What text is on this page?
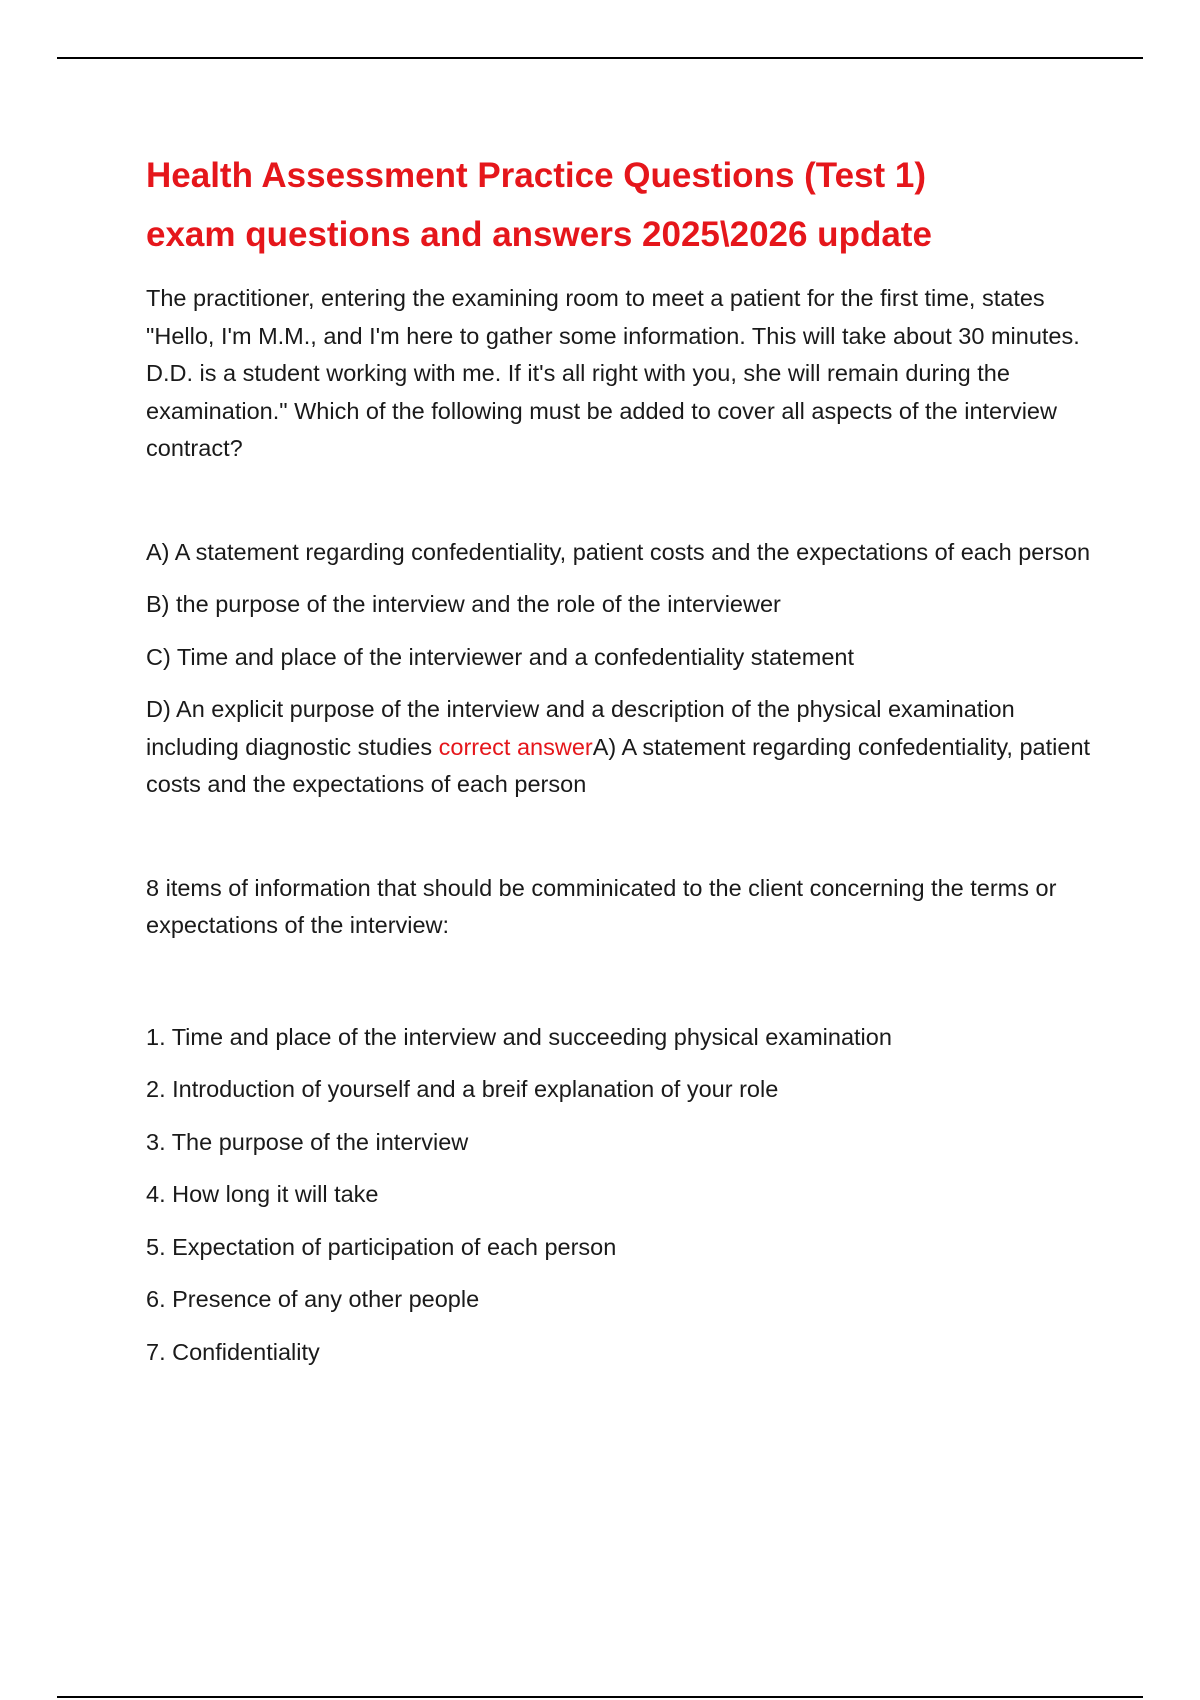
Health Assessment Practice Questions (Test 1)
exam questions and answers 2025\2026 update

The practitioner, entering the examining room to meet a patient for the first time, states "Hello, I'm M.M., and I'm here to gather some information. This will take about 30 minutes. D.D. is a student working with me. If it's all right with you, she will remain during the examination." Which of the following must be added to cover all aspects of the interview contract?

A) A statement regarding confedentiality, patient costs and the expectations of each person

B) the purpose of the interview and the role of the interviewer

C) Time and place of the interviewer and a confedentiality statement

D) An explicit purpose of the interview and a description of the physical examination including diagnostic studies correct answerA) A statement regarding confedentiality, patient costs and the expectations of each person

8 items of information that should be comminicated to the client concerning the terms or expectations of the interview:

1. Time and place of the interview and succeeding physical examination

2. Introduction of yourself and a breif explanation of your role

3. The purpose of the interview

4. How long it will take

5. Expectation of participation of each person

6. Presence of any other people

7. Confidentiality
